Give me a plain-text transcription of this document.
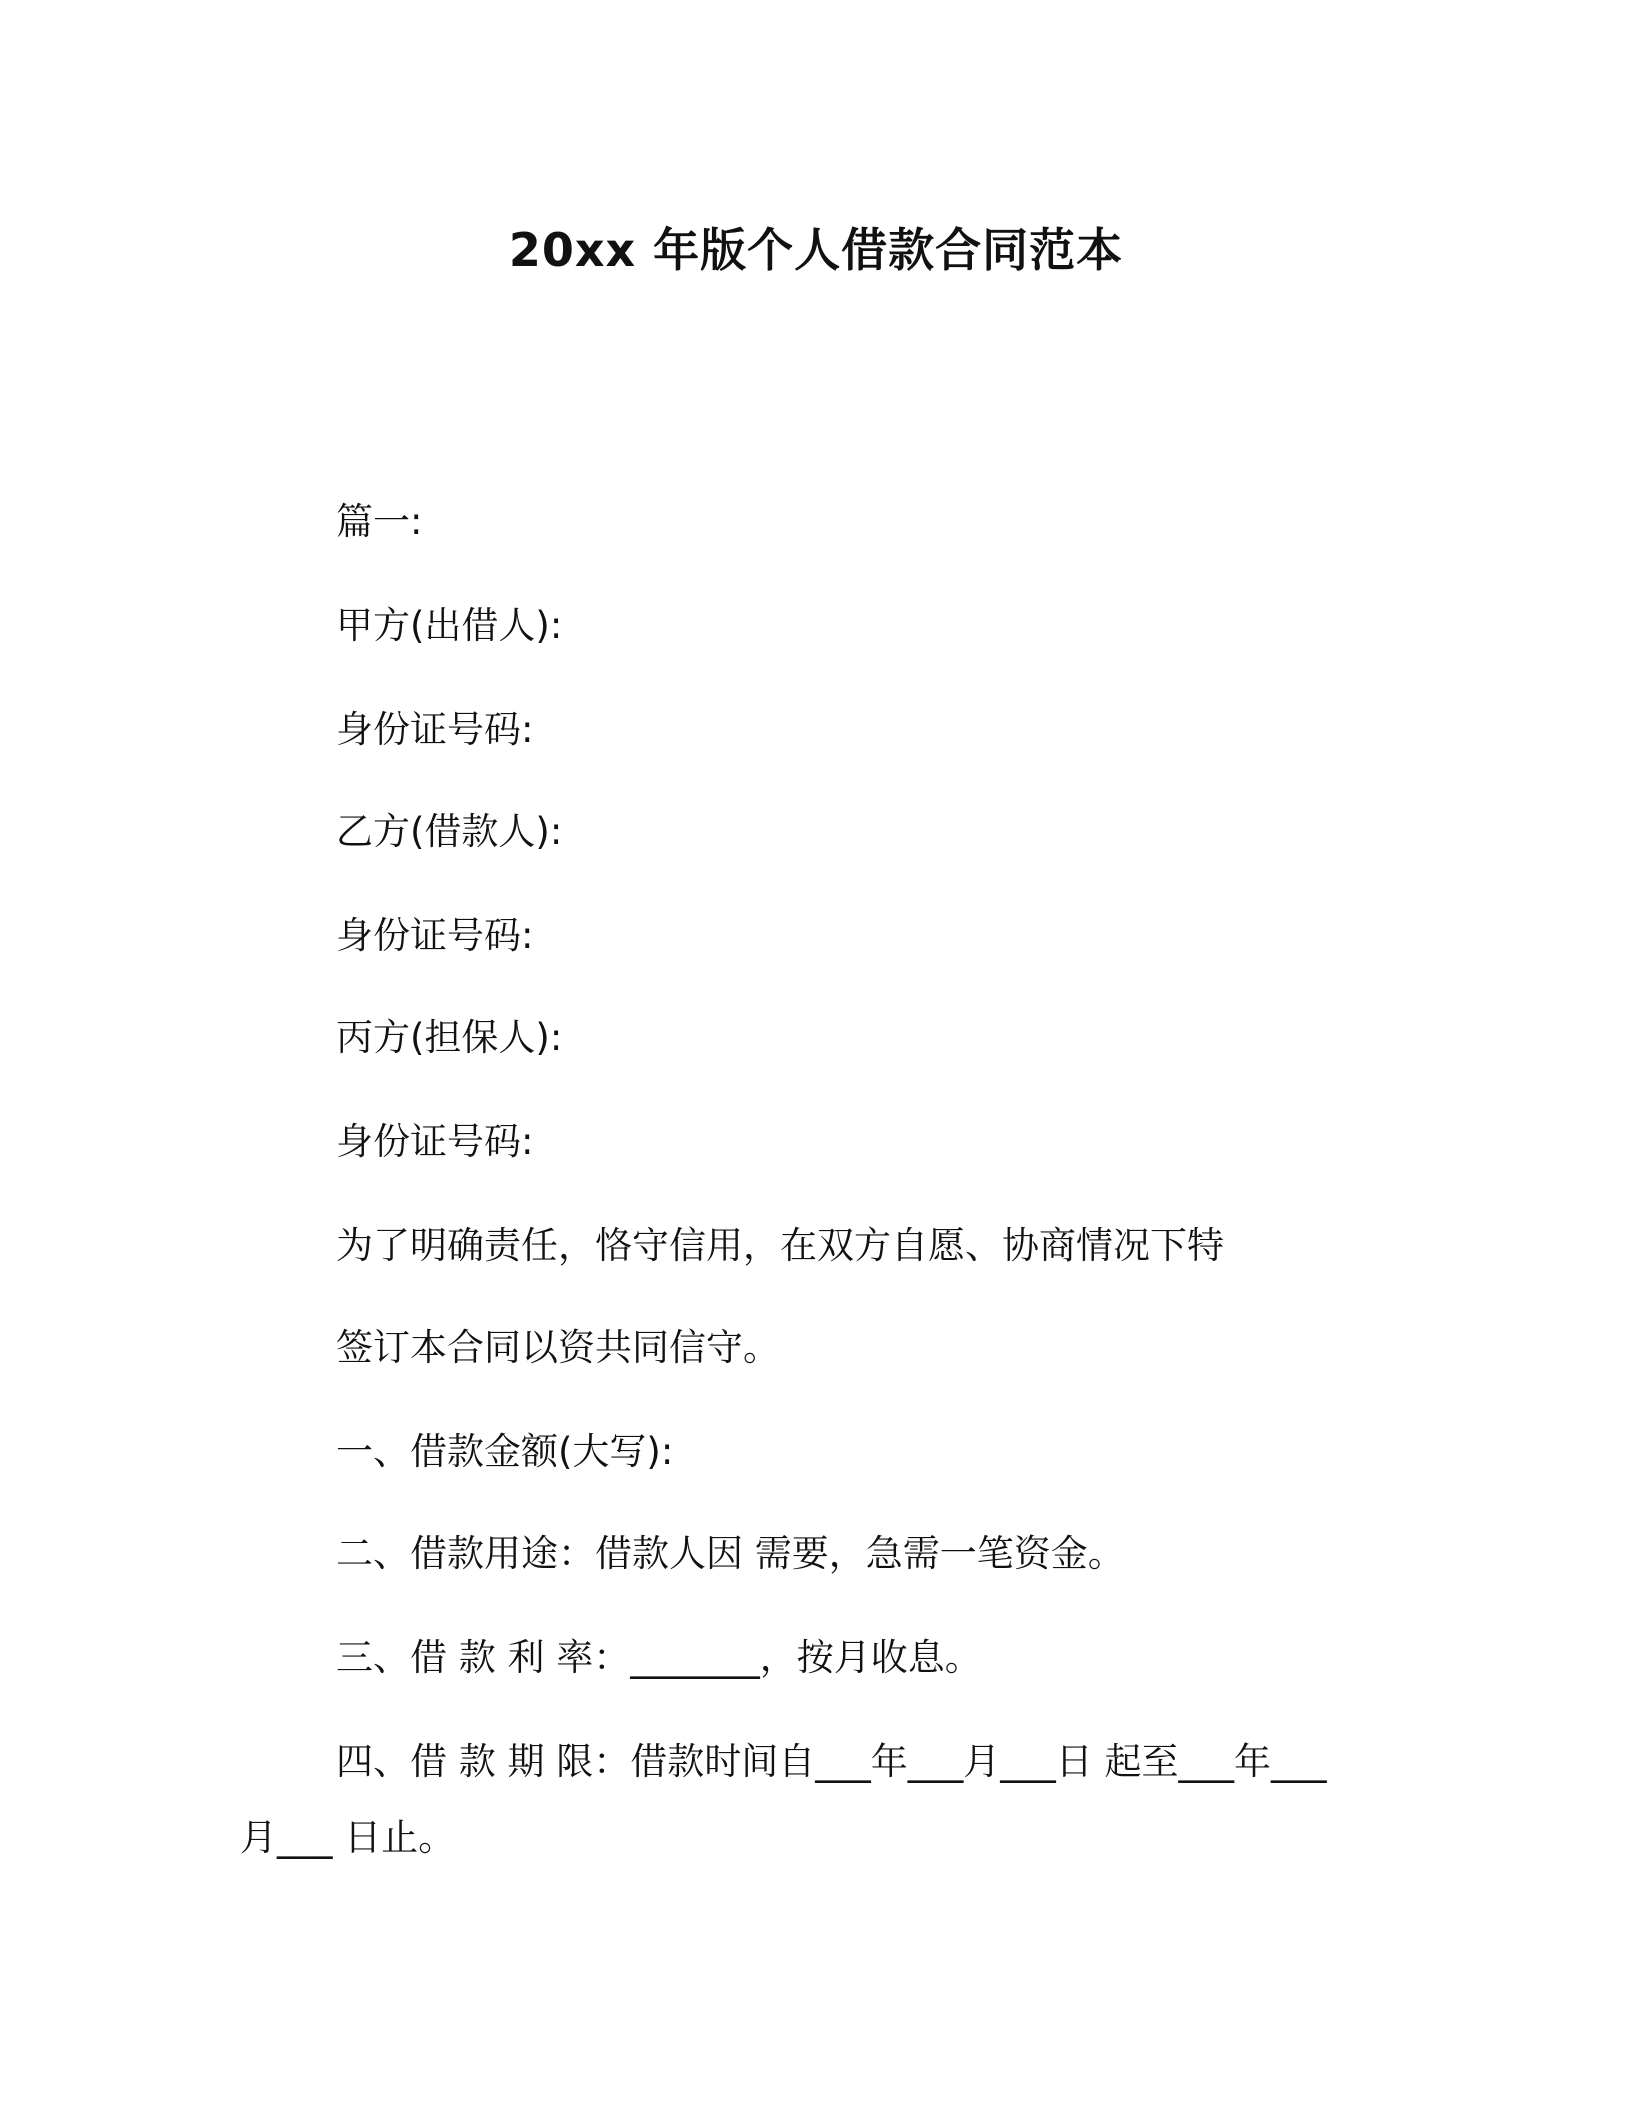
20xx 年版个人借款合同范本
篇一:
甲方(出借人):
身份证号码:
乙方(借款人):
身份证号码:
丙方(担保人):
身份证号码:
为了明确责任，恪守信用，在双方自愿、协商情况下特
签订本合同以资共同信守。
一、借款金额(大写):
二、借款用途：借款人因 需要，急需一笔资金。
三、借 款 利 率：_______，按月收息。
四、借 款 期 限：借款时间自___年___月___日 起至___年___
月___ 日止。
